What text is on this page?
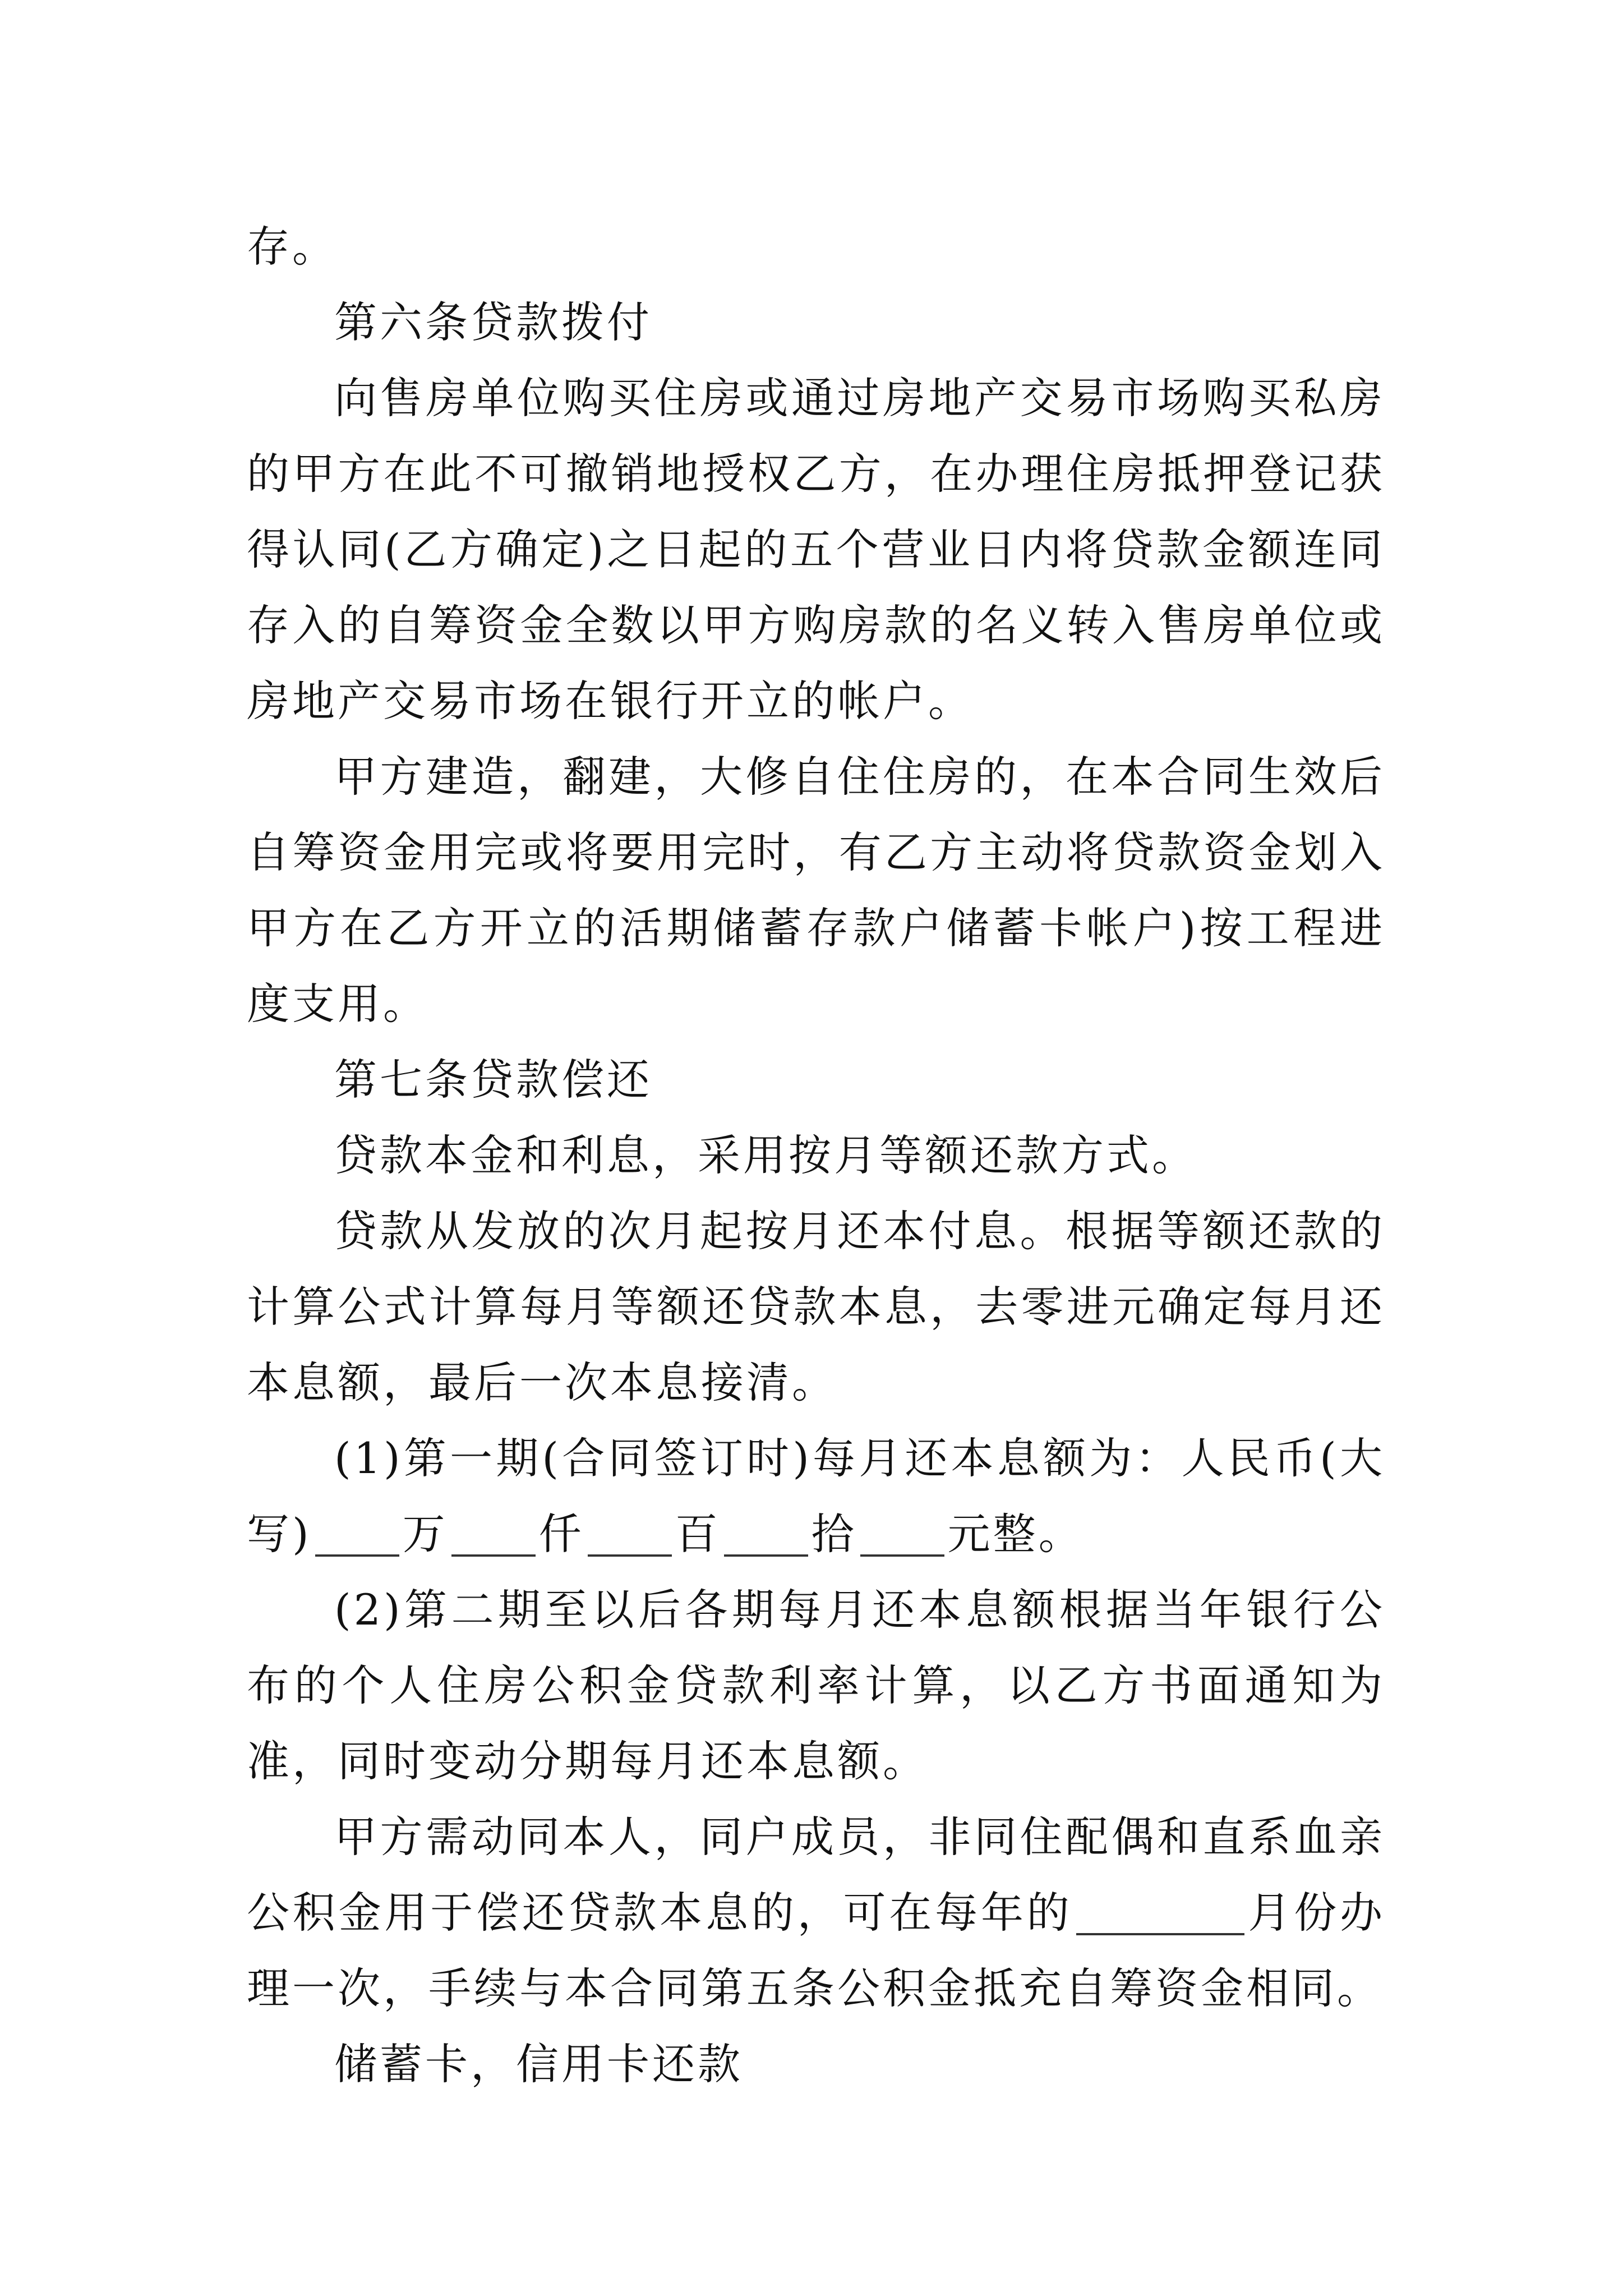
存。

第六条贷款拨付

向售房单位购买住房或通过房地产交易市场购买私房的甲方在此不可撤销地授权乙方，在办理住房抵押登记获得认同(乙方确定)之日起的五个营业日内将贷款金额连同存入的自筹资金全数以甲方购房款的名义转入售房单位或房地产交易市场在银行开立的帐户。

甲方建造，翻建，大修自住住房的，在本合同生效后自筹资金用完或将要用完时，有乙方主动将贷款资金划入甲方在乙方开立的活期储蓄存款户储蓄卡帐户)按工程进度支用。

第七条贷款偿还

贷款本金和利息，采用按月等额还款方式。

贷款从发放的次月起按月还本付息。根据等额还款的计算公式计算每月等额还贷款本息，去零进元确定每月还本息额，最后一次本息接清。

(1)第一期(合同签订时)每月还本息额为：人民币(大写) 万 仟 百 拾 元整。

(2)第二期至以后各期每月还本息额根据当年银行公布的个人住房公积金贷款利率计算，以乙方书面通知为准，同时变动分期每月还本息额。

甲方需动同本人，同户成员，非同住配偶和直系血亲公积金用于偿还贷款本息的，可在每年的	月份办理一次，手续与本合同第五条公积金抵充自筹资金相同。

储蓄卡，信用卡还款
